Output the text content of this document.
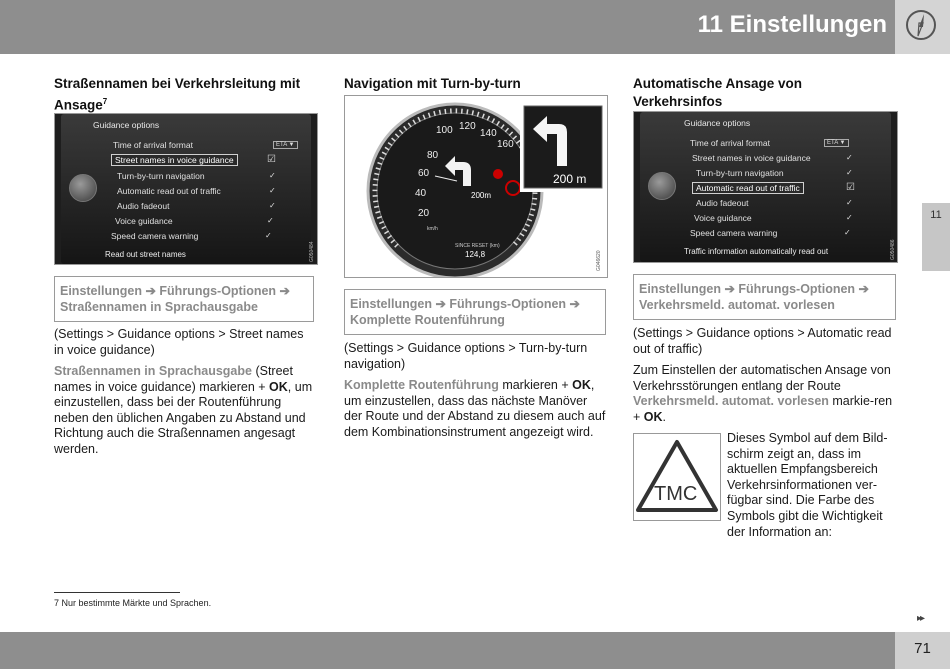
11 Einstellungen
11
Straßennamen bei Verkehrsleitung mit Ansage$^7$
Guidance options
Time of arrival format	ETA ▼
Street names in voice guidance	☑
Turn-by-turn navigation	✓
Automatic read out of traffic	✓
Audio fadeout	✓
Voice guidance	✓
Speed camera warning	✓
Read out street names	G050484
Einstellungen ➔ Führungs-Optionen ➔
Straßennamen in Sprachausgabe

(Settings > Guidance options > Street names in voice guidance)

Straßennamen in Sprachausgabe (Street names in voice guidance) markieren + OK, um einzustellen, dass bei der Routenführung neben den üblichen Angaben zu Abstand und Richtung auch die Straßennamen angesagt werden.

Navigation mit Turn-by-turn
100 120
140
160
80
60
40
20
km/h
200m
SINCE RESET (km)
124,8
200 m
G046620
Einstellungen ➔ Führungs-Optionen ➔
Komplette Routenführung

(Settings > Guidance options > Turn-by-turn navigation)

Komplette Routenführung markieren + OK, um einzustellen, dass das nächste Manöver der Route und der Abstand zu diesem auch auf dem Kombinationsinstrument angezeigt wird.

Automatische Ansage von Verkehrsinfos
Guidance options
Time of arrival format	ETA ▼
Street names in voice guidance	✓
Turn-by-turn navigation	✓
Automatic read out of traffic	☑
Audio fadeout	✓
Voice guidance	✓
Speed camera warning	✓
Traffic information automatically read out	G050486
Einstellungen ➔ Führungs-Optionen ➔
Verkehrsmeld. automat. vorlesen

(Settings > Guidance options > Automatic read out of traffic)

Zum Einstellen der automatischen Ansage von Verkehrsstörungen entlang der Route Verkehrsmeld. automat. vorlesen markie-ren + OK.

TMC

Dieses Symbol auf dem Bild-schirm zeigt an, dass im aktuellen Empfangsbereich Verkehrsinformationen ver-fügbar sind. Die Farbe des Symbols gibt die Wichtigkeit der Information an:

7 Nur bestimmte Märkte und Sprachen.
▸▸
71
